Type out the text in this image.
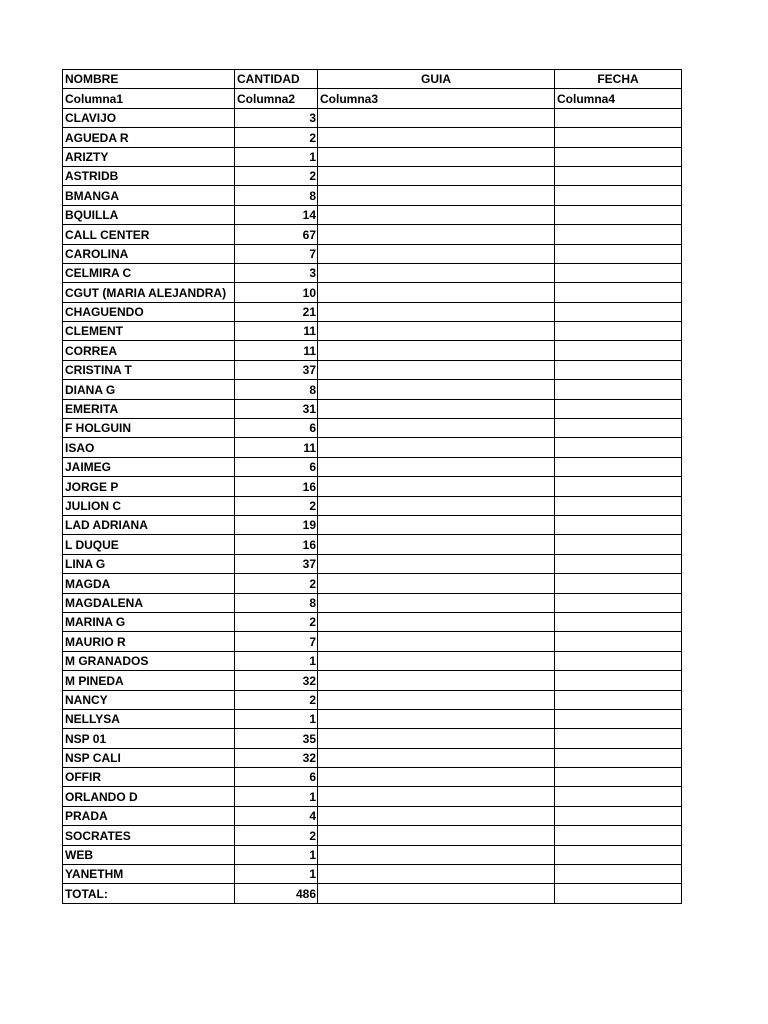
NOMBRE	CANTIDAD	GUIA	FECHA
Columna1	Columna2	Columna3	Columna4
CLAVIJO	3		
AGUEDA R	2		
ARIZTY	1		
ASTRIDB	2		
BMANGA	8		
BQUILLA	14		
CALL CENTER	67		
CAROLINA	7		
CELMIRA C	3		
CGUT (MARIA ALEJANDRA)	10		
CHAGUENDO	21		
CLEMENT	11		
CORREA	11		
CRISTINA T	37		
DIANA G	8		
EMERITA	31		
F HOLGUIN	6		
ISAO	11		
JAIMEG	6		
JORGE P	16		
JULION C	2		
LAD ADRIANA	19		
L DUQUE	16		
LINA G	37		
MAGDA	2		
MAGDALENA	8		
MARINA G	2		
MAURIO R	7		
M GRANADOS	1		
M PINEDA	32		
NANCY	2		
NELLYSA	1		
NSP 01	35		
NSP CALI	32		
OFFIR	6		
ORLANDO D	1		
PRADA	4		
SOCRATES	2		
WEB	1		
YANETHM	1		
TOTAL:	486		
